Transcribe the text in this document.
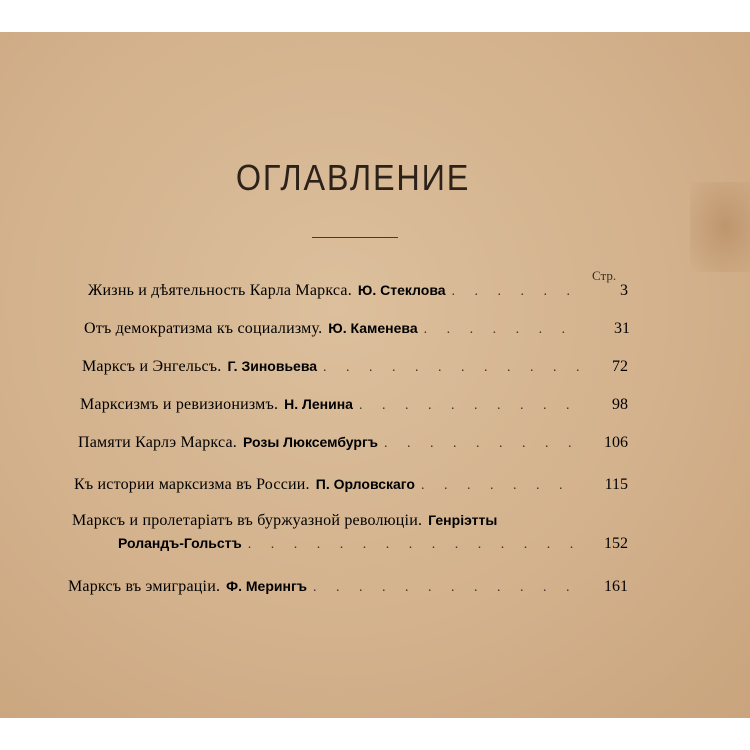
ОГЛАВЛЕНИЕ
Стр.
Жизнь и дѣятельность Карла Маркса. Ю. Стеклова . . .	3
Отъ демократизма къ социализму. Ю. Каменева . . .	31
Марксъ и Энгельсъ. Г. Зиновьева . . .	72
Марксизмъ и ревизионизмъ. Н. Ленина . . .	98
Памяти Карлэ Маркса. Розы Люксембургъ . . .	106
Къ истории марксизма въ России. П. Орловскаго . . .	115
Марксъ и пролетаріатъ въ буржуазной революціи. Генріэтты
Роландъ-Гольстъ . . .	152
Марксъ въ эмиграціи. Ф. Мерингъ . . .	161
